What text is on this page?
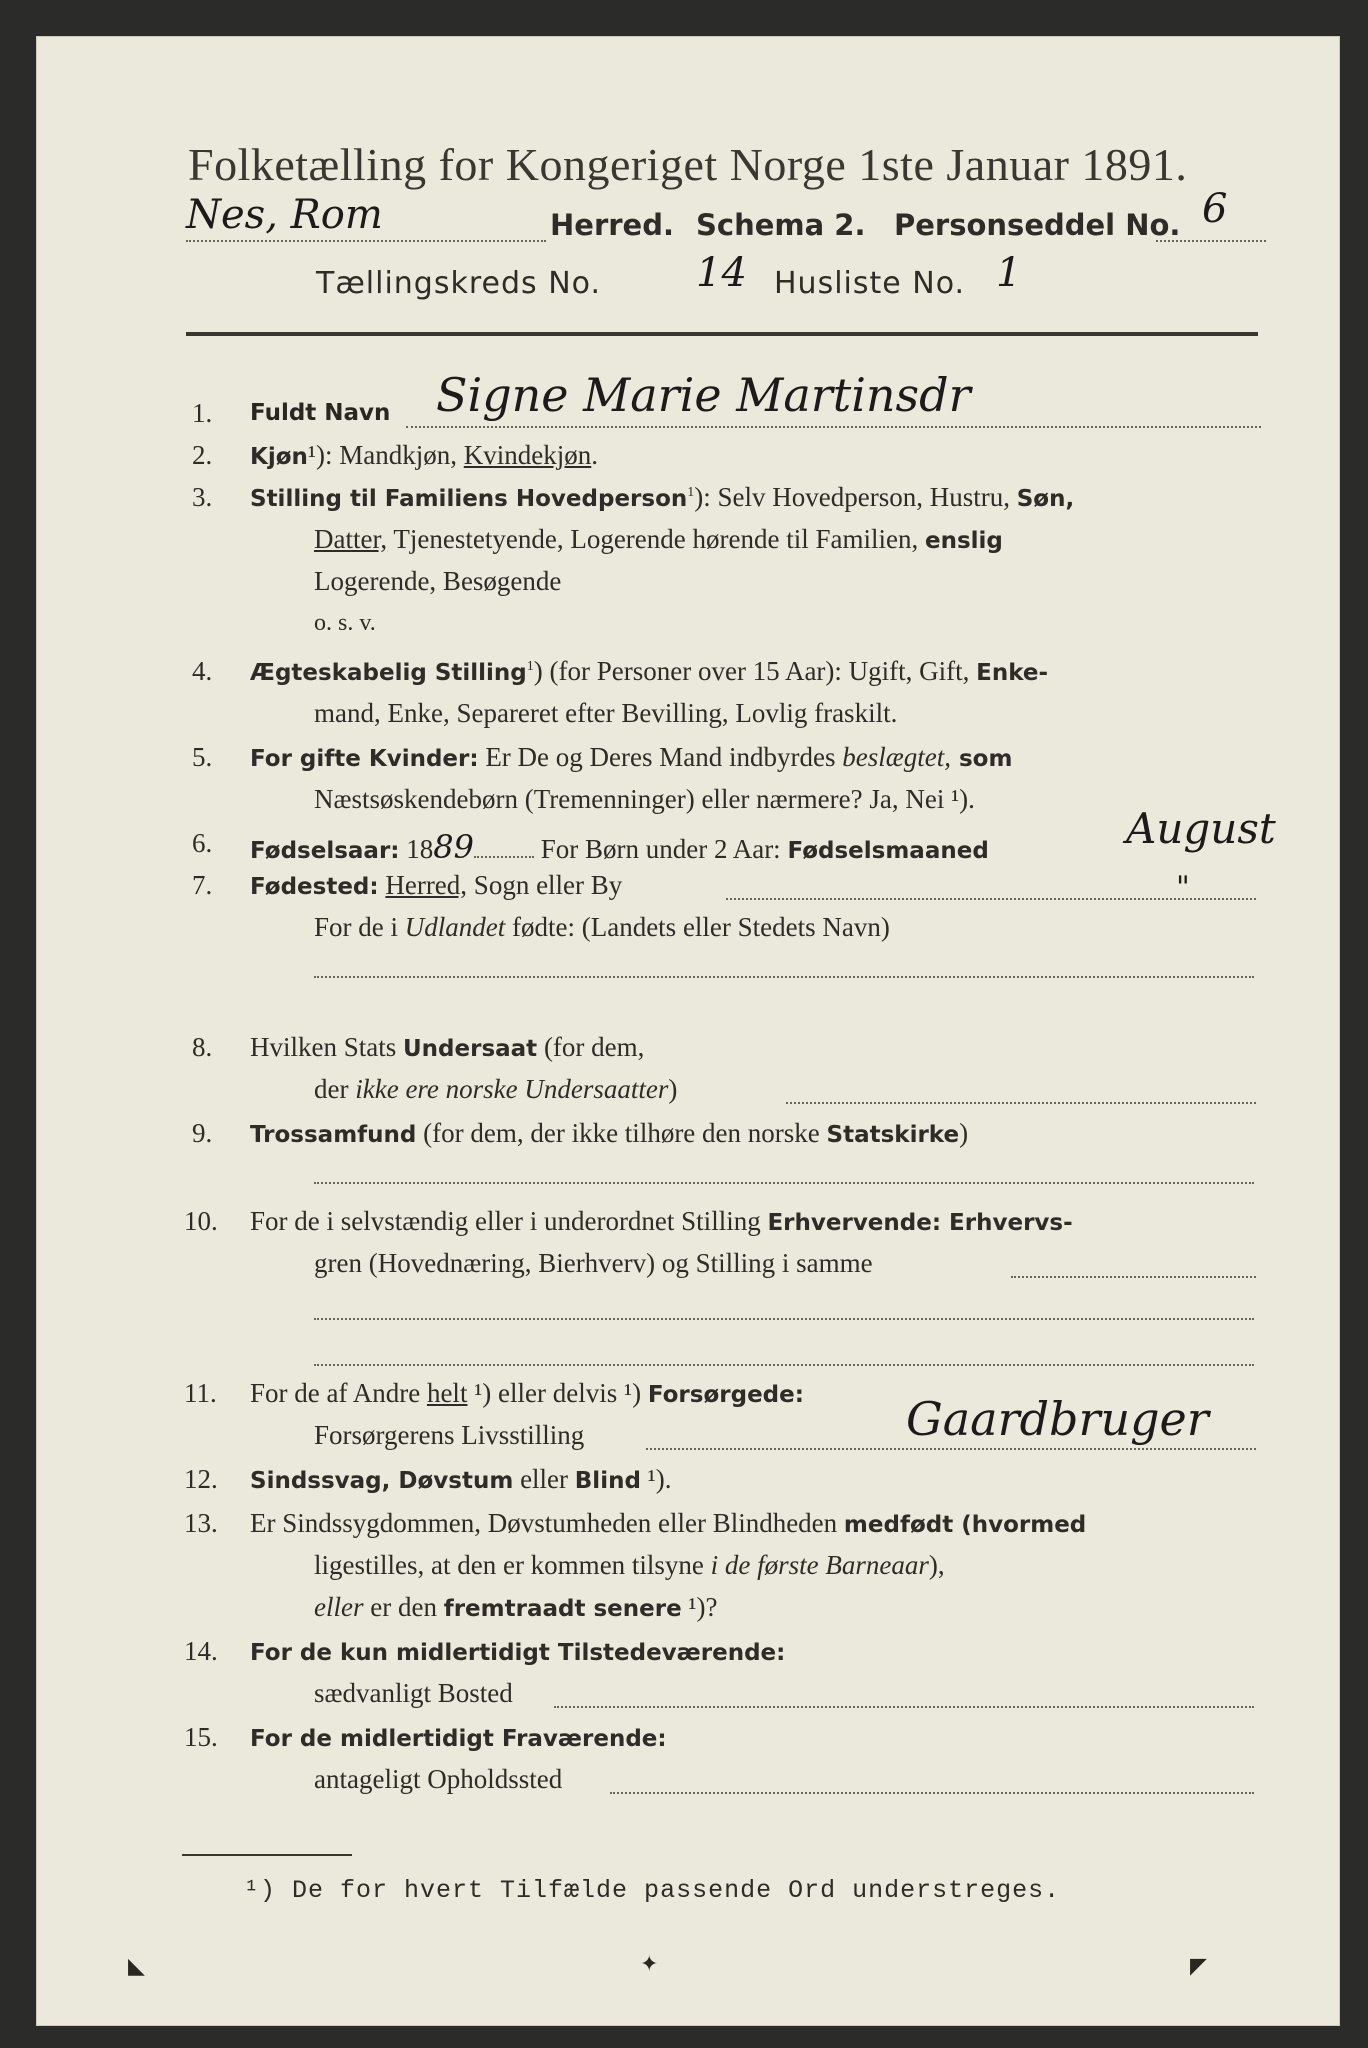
Folketælling for Kongeriget Norge 1ste Januar 1891.
Nes, Rom	Herred. Schema 2. Personseddel No. 6
Tællingskreds No. 14 Husliste No. 1
1. Fuldt Navn Signe Marie Martinsdr
2. Kjøn¹): Mandkjøn, Kvindekjøn.
3. Stilling til Familiens Hovedperson$^1$): Selv Hovedperson, Hustru, Søn,
Datter, Tjenestetyende, Logerende hørende til Familien, enslig
Logerende, Besøgende
o. s. v.
4. Ægteskabelig Stilling$^1$) (for Personer over 15 Aar): Ugift, Gift, Enke-
mand, Enke, Separeret efter Bevilling, Lovlig fraskilt.
5. For gifte Kvinder: Er De og Deres Mand indbyrdes beslægtet, som
Næstsøskendebørn (Tremenninger) eller nærmere? Ja, Nei ¹).
6. Fødselsaar: 1889 For Børn under 2 Aar: Fødselsmaaned	August
7. Fødested: Herred, Sogn eller By	"
For de i Udlandet fødte: (Landets eller Stedets Navn)
8. Hvilken Stats Undersaat (for dem,
der ikke ere norske Undersaatter)
9. Trossamfund (for dem, der ikke tilhøre den norske Statskirke)
10. For de i selvstændig eller i underordnet Stilling Erhvervende: Erhvervs-
gren (Hovednæring, Bierhverv) og Stilling i samme
11. For de af Andre helt ¹) eller delvis ¹) Forsørgede:
Forsørgerens Livsstilling	Gaardbruger
12. Sindssvag, Døvstum eller Blind ¹).
13. Er Sindssygdommen, Døvstumheden eller Blindheden medfødt (hvormed
ligestilles, at den er kommen tilsyne i de første Barneaar),
eller er den fremtraadt senere ¹)?
14. For de kun midlertidigt Tilstedeværende:
sædvanligt Bosted
15. For de midlertidigt Fraværende:
antageligt Opholdssted
¹) De for hvert Tilfælde passende Ord understreges.
◣	✦	◤
